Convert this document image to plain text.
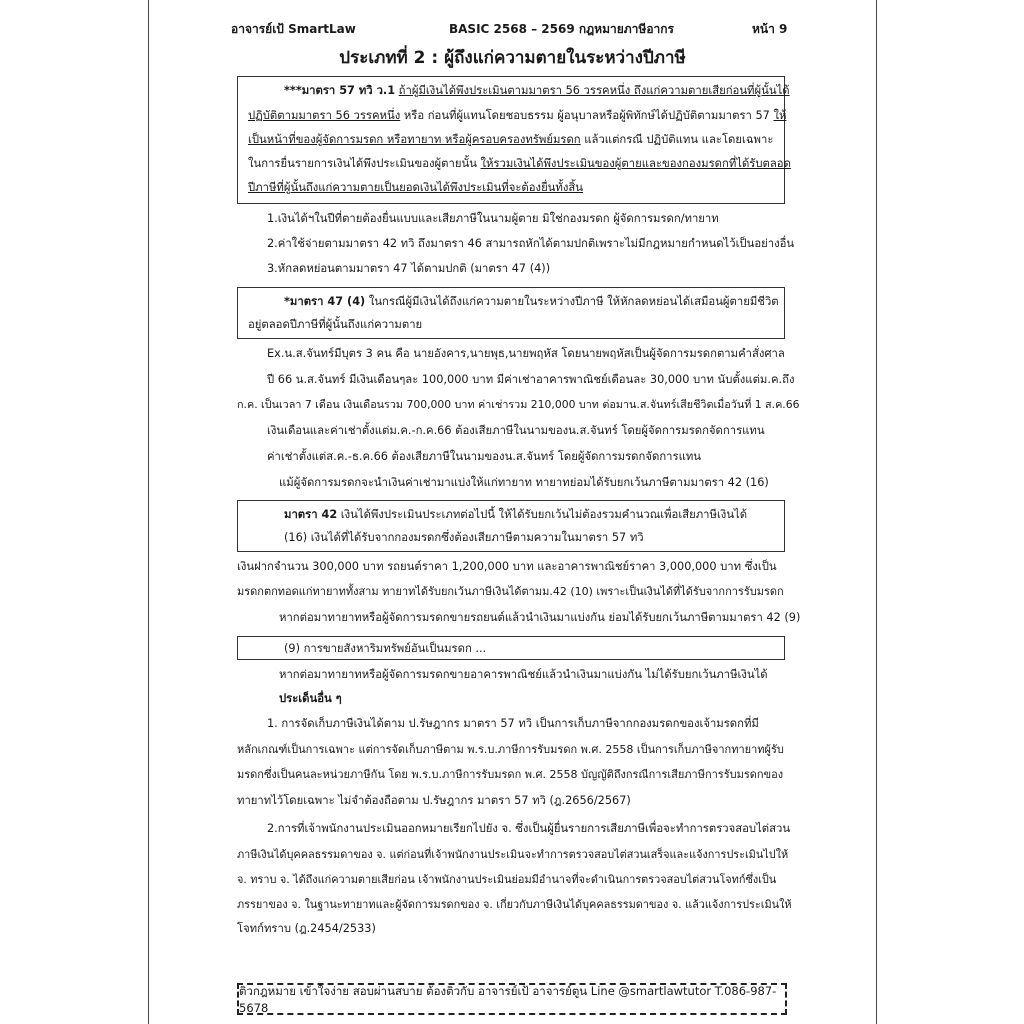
อาจารย์เป้ SmartLaw	BASIC 2568 – 2569 กฎหมายภาษีอากร	หน้า 9
ประเภทที่ 2 : ผู้ถึงแก่ความตายในระหว่างปีภาษี
***มาตรา 57 ทวิ ว.1 ถ้าผู้มีเงินได้พึงประเมินตามมาตรา 56 วรรคหนึ่ง ถึงแก่ความตายเสียก่อนที่ผู้นั้นได้
ปฏิบัติตามมาตรา 56 วรรคหนึ่ง หรือ ก่อนที่ผู้แทนโดยชอบธรรม ผู้อนุบาลหรือผู้พิทักษ์ได้ปฏิบัติตามมาตรา 57 ให้
เป็นหน้าที่ของผู้จัดการมรดก หรือทายาท หรือผู้ครอบครองทรัพย์มรดก แล้วแต่กรณี ปฏิบัติแทน และโดยเฉพาะ
ในการยื่นรายการเงินได้พึงประเมินของผู้ตายนั้น ให้รวมเงินได้พึงประเมินของผู้ตายและของกองมรดกที่ได้รับตลอด
ปีภาษีที่ผู้นั้นถึงแก่ความตายเป็นยอดเงินได้พึงประเมินที่จะต้องยื่นทั้งสิ้น
1.เงินได้ฯในปีที่ตายต้องยื่นแบบและเสียภาษีในนามผู้ตาย มิใช่กองมรดก ผู้จัดการมรดก/ทายาท
2.ค่าใช้จ่ายตามมาตรา 42 ทวิ ถึงมาตรา 46 สามารถหักได้ตามปกติเพราะไม่มีกฎหมายกำหนดไว้เป็นอย่างอื่น
3.หักลดหย่อนตามมาตรา 47 ได้ตามปกติ (มาตรา 47 (4))
*มาตรา 47 (4) ในกรณีผู้มีเงินได้ถึงแก่ความตายในระหว่างปีภาษี ให้หักลดหย่อนได้เสมือนผู้ตายมีชีวิต
อยู่ตลอดปีภาษีที่ผู้นั้นถึงแก่ความตาย
Ex.น.ส.จันทร์มีบุตร 3 คน คือ นายอังคาร,นายพุธ,นายพฤหัส โดยนายพฤหัสเป็นผู้จัดการมรดกตามคำสั่งศาล
ปี 66 น.ส.จันทร์ มีเงินเดือนๆละ 100,000 บาท มีค่าเช่าอาคารพาณิชย์เดือนละ 30,000 บาท นับตั้งแต่ม.ค.ถึง
ก.ค. เป็นเวลา 7 เดือน เงินเดือนรวม 700,000 บาท ค่าเช่ารวม 210,000 บาท ต่อมาน.ส.จันทร์เสียชีวิตเมื่อวันที่ 1 ส.ค.66
เงินเดือนและค่าเช่าตั้งแต่ม.ค.-ก.ค.66 ต้องเสียภาษีในนามของน.ส.จันทร์ โดยผู้จัดการมรดกจัดการแทน
ค่าเช่าตั้งแต่ส.ค.-ธ.ค.66 ต้องเสียภาษีในนามของน.ส.จันทร์ โดยผู้จัดการมรดกจัดการแทน
แม้ผู้จัดการมรดกจะนำเงินค่าเช่ามาแบ่งให้แก่ทายาท ทายาทย่อมได้รับยกเว้นภาษีตามมาตรา 42 (16)
มาตรา 42 เงินได้พึงประเมินประเภทต่อไปนี้ ให้ได้รับยกเว้นไม่ต้องรวมคำนวณเพื่อเสียภาษีเงินได้
(16) เงินได้ที่ได้รับจากกองมรดกซึ่งต้องเสียภาษีตามความในมาตรา 57 ทวิ
เงินฝากจำนวน 300,000 บาท รถยนต์ราคา 1,200,000 บาท และอาคารพาณิชย์ราคา 3,000,000 บาท ซึ่งเป็น
มรดกตกทอดแก่ทายาททั้งสาม ทายาทได้รับยกเว้นภาษีเงินได้ตามม.42 (10) เพราะเป็นเงินได้ที่ได้รับจากการรับมรดก
หากต่อมาทายาทหรือผู้จัดการมรดกขายรถยนต์แล้วนำเงินมาแบ่งกัน ย่อมได้รับยกเว้นภาษีตามมาตรา 42 (9)
(9) การขายสังหาริมทรัพย์อันเป็นมรดก ...
หากต่อมาทายาทหรือผู้จัดการมรดกขายอาคารพาณิชย์แล้วนำเงินมาแบ่งกัน ไม่ได้รับยกเว้นภาษีเงินได้
ประเด็นอื่น ๆ
1. การจัดเก็บภาษีเงินได้ตาม ป.รัษฎากร มาตรา 57 ทวิ เป็นการเก็บภาษีจากกองมรดกของเจ้ามรดกที่มี
หลักเกณฑ์เป็นการเฉพาะ แต่การจัดเก็บภาษีตาม พ.ร.บ.ภาษีการรับมรดก พ.ศ. 2558 เป็นการเก็บภาษีจากทายาทผู้รับ
มรดกซึ่งเป็นคนละหน่วยภาษีกัน โดย พ.ร.บ.ภาษีการรับมรดก พ.ศ. 2558 บัญญัติถึงกรณีการเสียภาษีการรับมรดกของ
ทายาทไว้โดยเฉพาะ ไม่จำต้องถือตาม ป.รัษฎากร มาตรา 57 ทวิ (ฎ.2656/2567)
2.การที่เจ้าพนักงานประเมินออกหมายเรียกไปยัง จ. ซึ่งเป็นผู้ยื่นรายการเสียภาษีเพื่อจะทำการตรวจสอบไต่สวน
ภาษีเงินได้บุคคลธรรมดาของ จ. แต่ก่อนที่เจ้าพนักงานประเมินจะทำการตรวจสอบไต่สวนเสร็จและแจ้งการประเมินไปให้
จ. ทราบ จ. ได้ถึงแก่ความตายเสียก่อน เจ้าพนักงานประเมินย่อมมีอำนาจที่จะดำเนินการตรวจสอบไต่สวนโจทก์ซึ่งเป็น
ภรรยาของ จ. ในฐานะทายาทและผู้จัดการมรดกของ จ. เกี่ยวกับภาษีเงินได้บุคคลธรรมดาของ จ. แล้วแจ้งการประเมินให้
โจทก์ทราบ (ฎ.2454/2533)
ติวกฎหมาย เข้าใจง่าย สอบผ่านสบาย ต้องติวกับ อาจารย์เป้ อาจารย์ตูน Line @smartlawtutor T.086-987-5678
